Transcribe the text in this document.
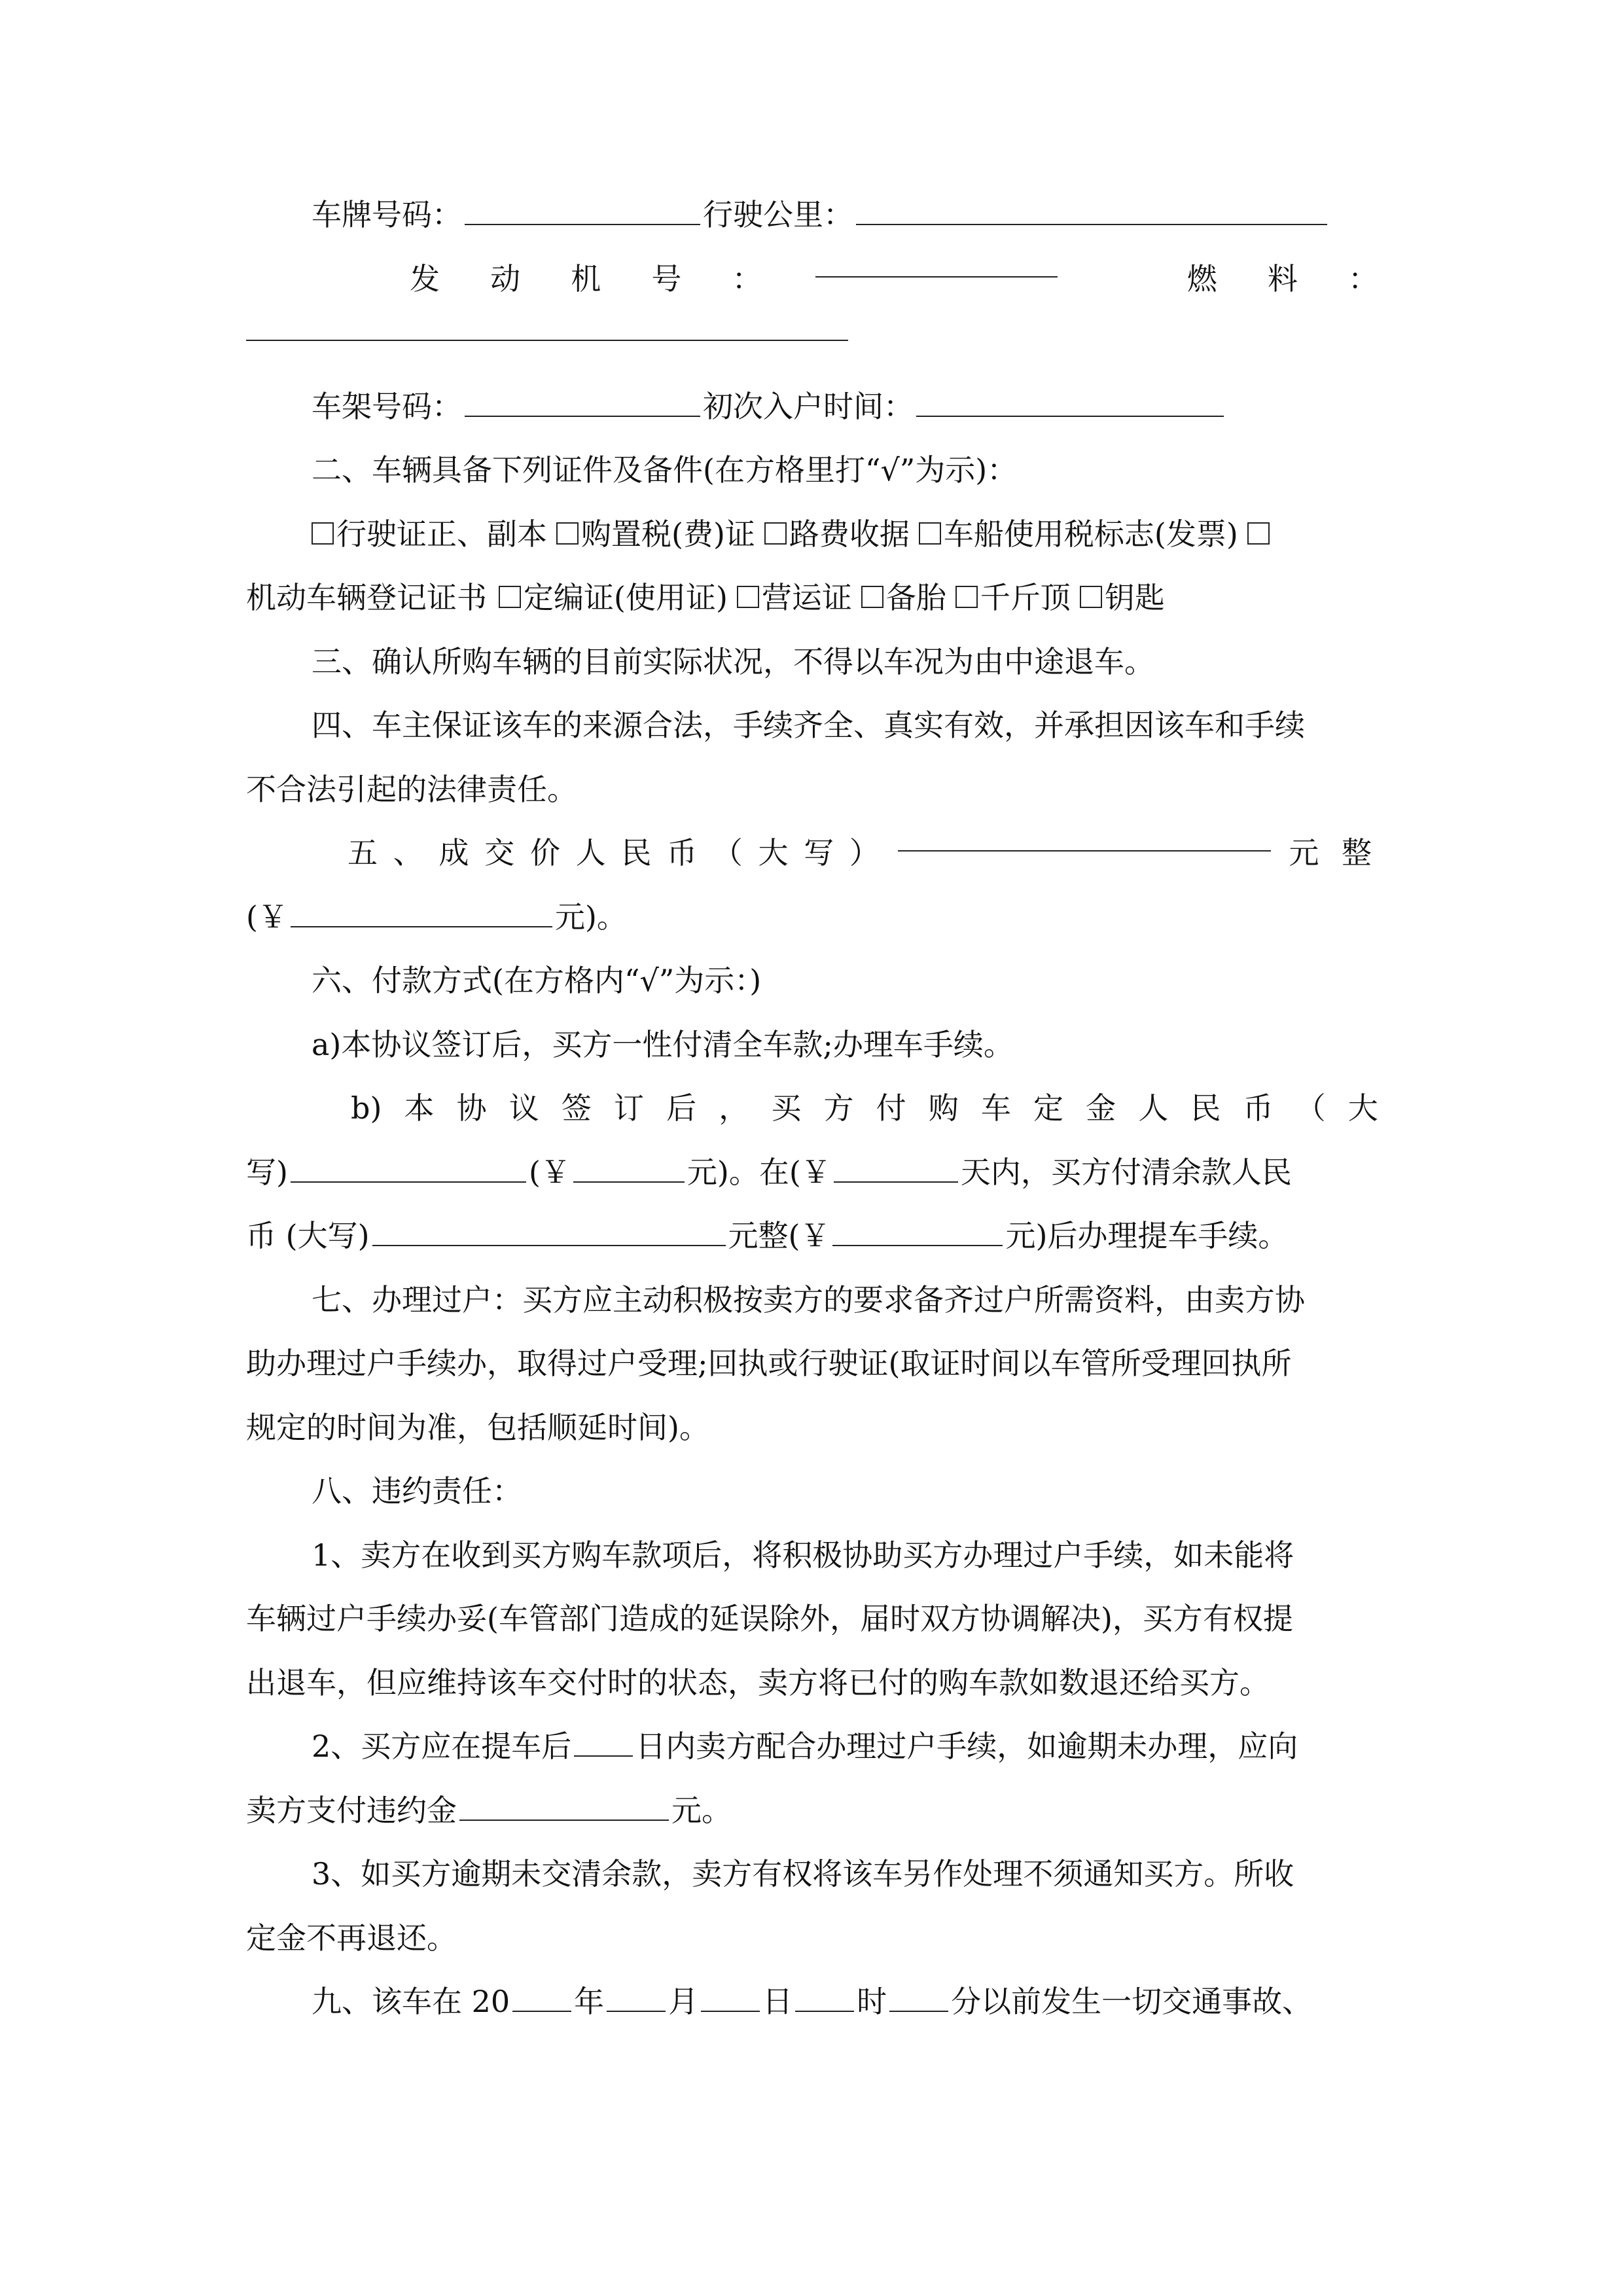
车牌号码：	行驶公里：
发 动 机 号 ：	燃 料 ：
车架号码：	初次入户时间：
二、车辆具备下列证件及备件(在方格里打“√”为示)：
行驶证正、副本 购置税(费)证 路费收据 车船使用税标志(发票)
机动车辆登记证书 定编证(使用证) 营运证 备胎 千斤顶 钥匙
三、确认所购车辆的目前实际状况，不得以车况为由中途退车。
四、车主保证该车的来源合法，手续齐全、真实有效，并承担因该车和手续
不合法引起的法律责任。
五 、 成 交 价 人 民 币 （ 大 写 ）	元 整
(￥	元)。
六、付款方式(在方格内“√”为示：)
a)本协议签订后，买方一性付清全车款;办理车手续。
b) 本 协 议 签 订 后 ， 买 方 付 购 车 定 金 人 民 币 （ 大
写)	(￥	元)。在(￥	天内，买方付清余款人民
币 (大写)	元整(￥	元)后办理提车手续。
七、办理过户：买方应主动积极按卖方的要求备齐过户所需资料，由卖方协
助办理过户手续办，取得过户受理;回执或行驶证(取证时间以车管所受理回执所
规定的时间为准，包括顺延时间)。
八、违约责任：
1、卖方在收到买方购车款项后，将积极协助买方办理过户手续，如未能将
车辆过户手续办妥(车管部门造成的延误除外，届时双方协调解决)，买方有权提
出退车，但应维持该车交付时的状态，卖方将已付的购车款如数退还给买方。
2、买方应在提车后 日内卖方配合办理过户手续，如逾期未办理，应向
卖方支付违约金	元。
3、如买方逾期未交清余款，卖方有权将该车另作处理不须通知买方。所收
定金不再退还。
九、该车在 20 年 月 日 时 分以前发生一切交通事故、
